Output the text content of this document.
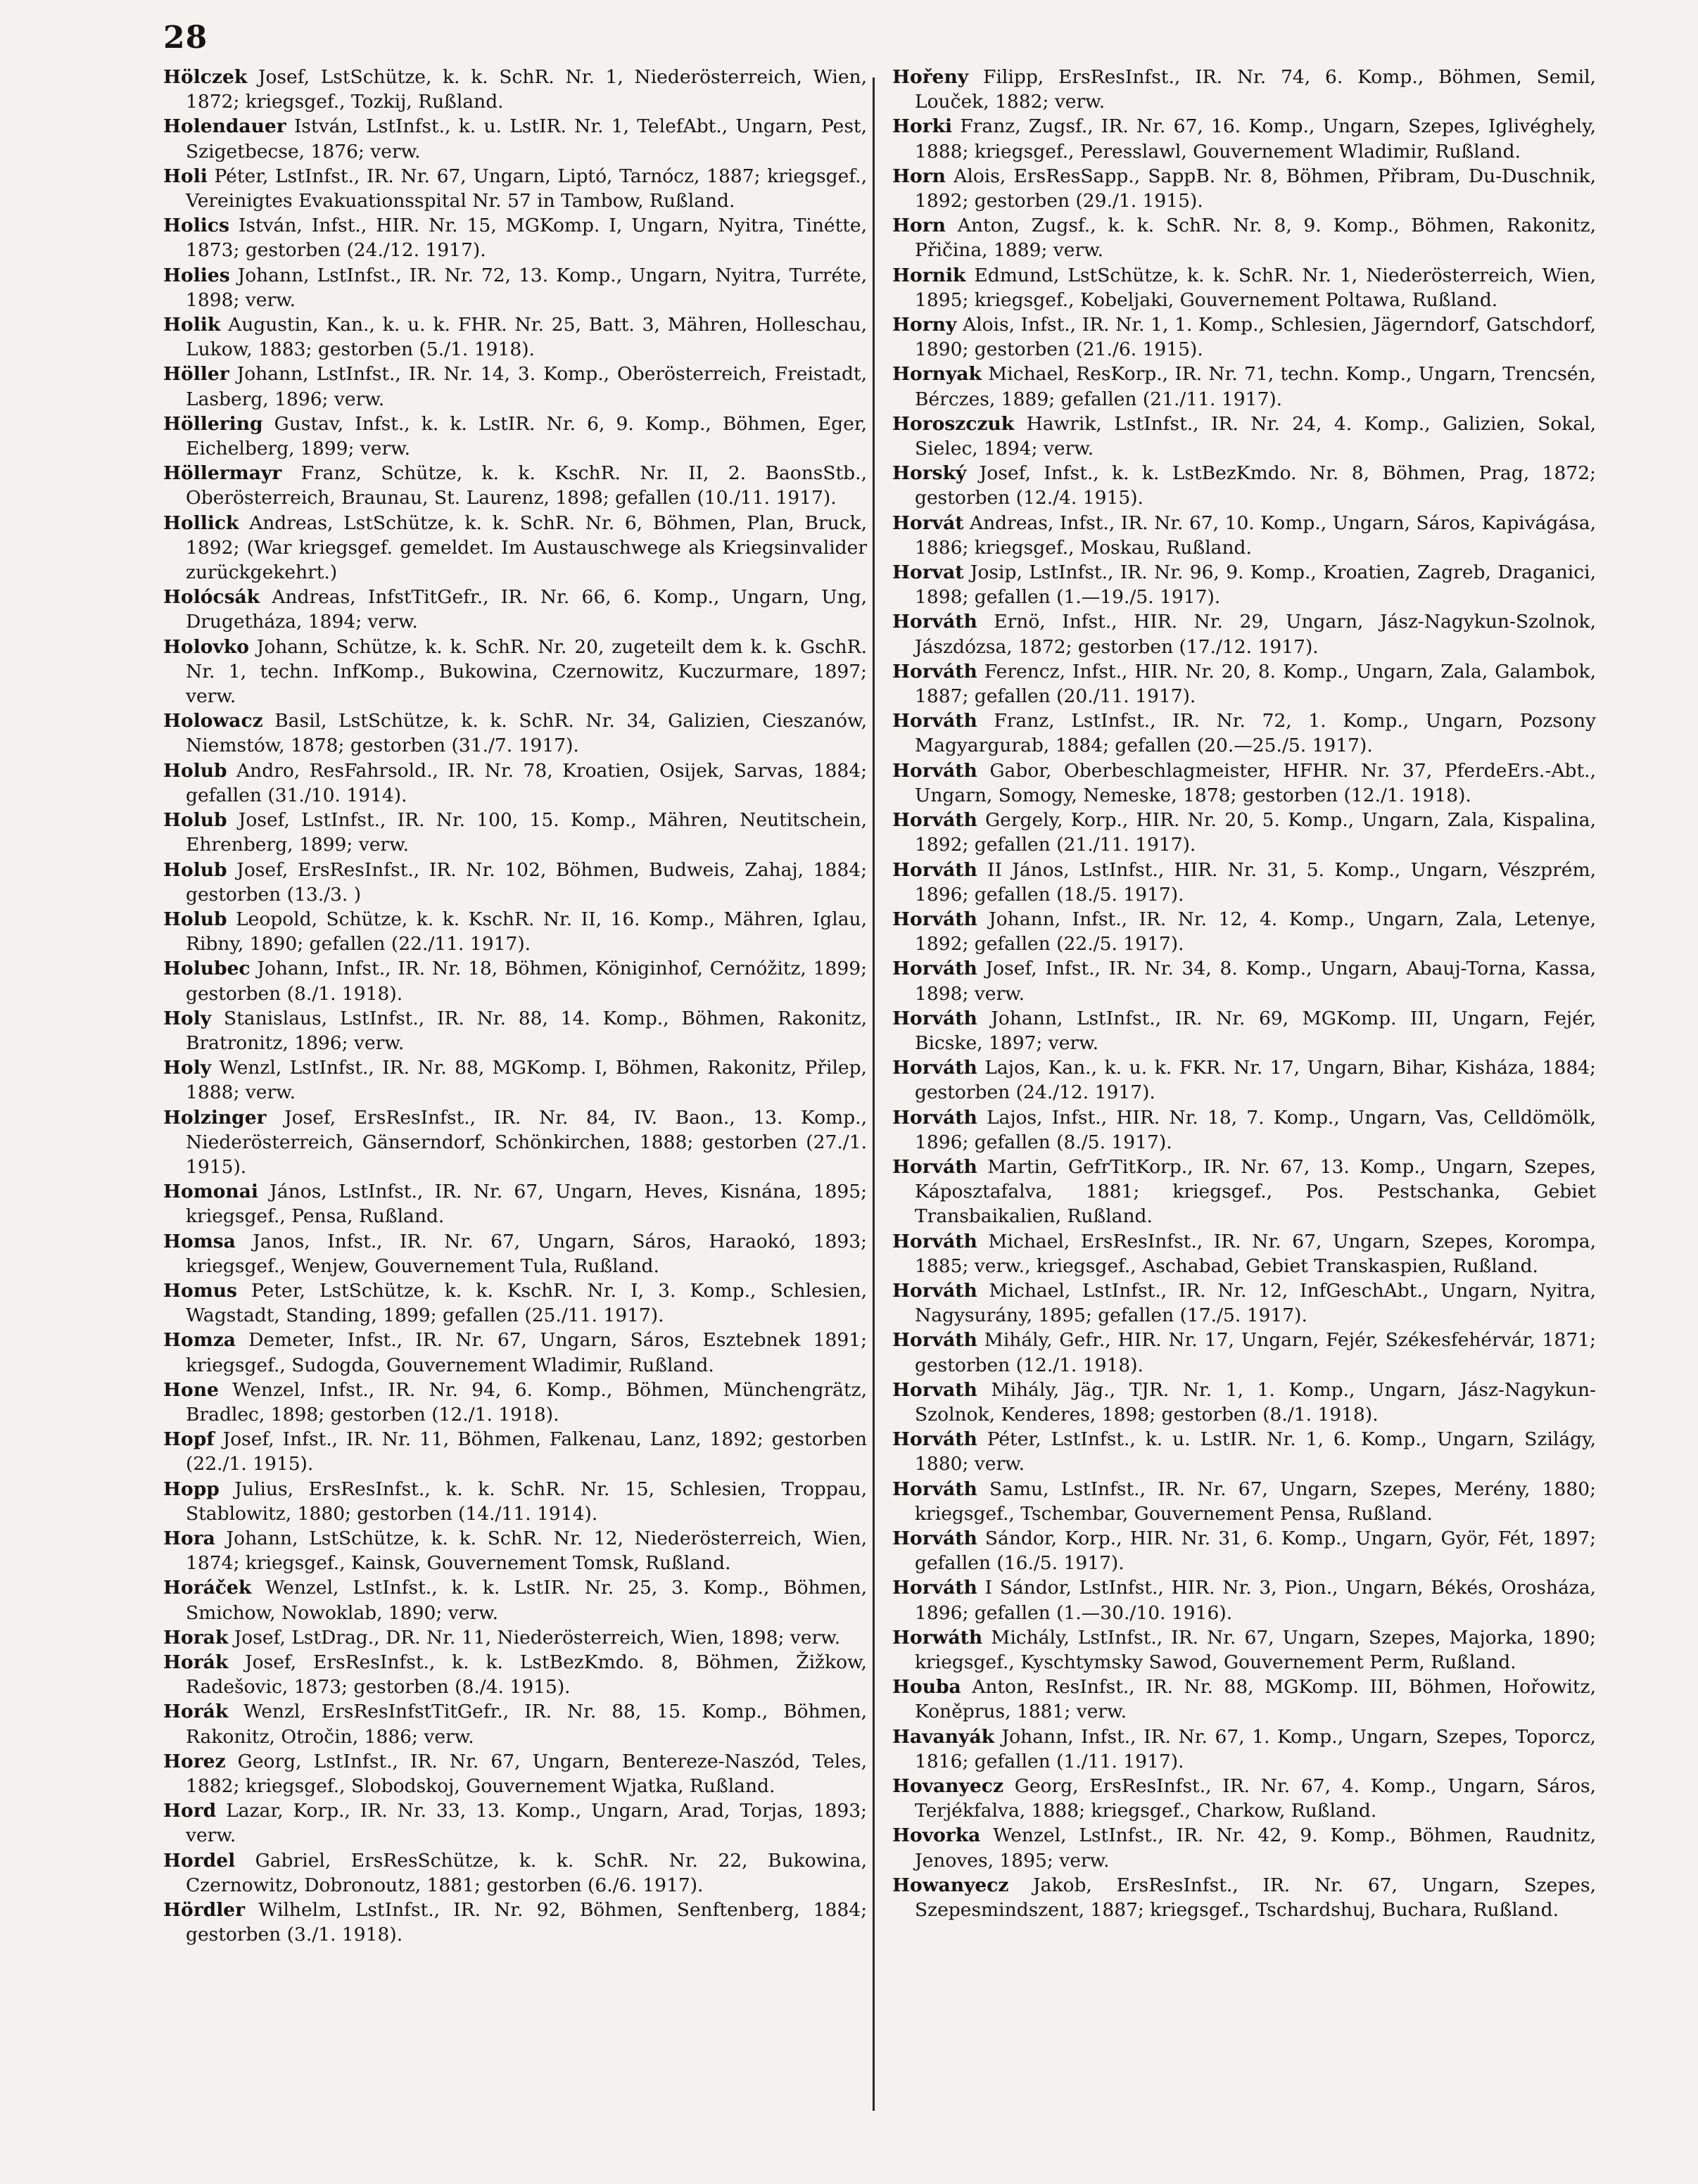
28

Hölczek Josef, LstSchütze, k. k. SchR. Nr. 1, Niederösterreich, Wien, 1872; kriegsgef., Tozkij, Rußland.

Holendauer István, LstInfst., k. u. LstIR. Nr. 1, TelefAbt., Ungarn, Pest, Szigetbecse, 1876; verw.

Holi Péter, LstInfst., IR. Nr. 67, Ungarn, Liptó, Tarnócz, 1887; kriegsgef., Vereinigtes Evakuationsspital Nr. 57 in Tambow, Rußland.

Holics István, Infst., HIR. Nr. 15, MGKomp. I, Ungarn, Nyitra, Tinétte, 1873; gestorben (24./12. 1917).

Holies Johann, LstInfst., IR. Nr. 72, 13. Komp., Ungarn, Nyitra, Turréte, 1898; verw.

Holik Augustin, Kan., k. u. k. FHR. Nr. 25, Batt. 3, Mähren, Holleschau, Lukow, 1883; gestorben (5./1. 1918).

Höller Johann, LstInfst., IR. Nr. 14, 3. Komp., Oberösterreich, Freistadt, Lasberg, 1896; verw.

Höllering Gustav, Infst., k. k. LstIR. Nr. 6, 9. Komp., Böhmen, Eger, Eichelberg, 1899; verw.

Höllermayr Franz, Schütze, k. k. KschR. Nr. II, 2. BaonsStb., Oberösterreich, Braunau, St. Laurenz, 1898; gefallen (10./11. 1917).

Hollick Andreas, LstSchütze, k. k. SchR. Nr. 6, Böhmen, Plan, Bruck, 1892; (War kriegsgef. gemeldet. Im Austauschwege als Kriegsinvalider zurückgekehrt.)

Holócsák Andreas, InfstTitGefr., IR. Nr. 66, 6. Komp., Ungarn, Ung, Drugetháza, 1894; verw.

Holovko Johann, Schütze, k. k. SchR. Nr. 20, zugeteilt dem k. k. GschR. Nr. 1, techn. InfKomp., Bukowina, Czernowitz, Kuczurmare, 1897; verw.

Holowacz Basil, LstSchütze, k. k. SchR. Nr. 34, Galizien, Cieszanów, Niemstów, 1878; gestorben (31./7. 1917).

Holub Andro, ResFahrsold., IR. Nr. 78, Kroatien, Osijek, Sarvas, 1884; gefallen (31./10. 1914).

Holub Josef, LstInfst., IR. Nr. 100, 15. Komp., Mähren, Neutitschein, Ehrenberg, 1899; verw.

Holub Josef, ErsResInfst., IR. Nr. 102, Böhmen, Budweis, Zahaj, 1884; gestorben (13./3. )

Holub Leopold, Schütze, k. k. KschR. Nr. II, 16. Komp., Mähren, Iglau, Ribny, 1890; gefallen (22./11. 1917).

Holubec Johann, Infst., IR. Nr. 18, Böhmen, Königinhof, Cernóžitz, 1899; gestorben (8./1. 1918).

Holy Stanislaus, LstInfst., IR. Nr. 88, 14. Komp., Böhmen, Rakonitz, Bratronitz, 1896; verw.

Holy Wenzl, LstInfst., IR. Nr. 88, MGKomp. I, Böhmen, Rakonitz, Přilep, 1888; verw.

Holzinger Josef, ErsResInfst., IR. Nr. 84, IV. Baon., 13. Komp., Niederösterreich, Gänserndorf, Schönkirchen, 1888; gestorben (27./1. 1915).

Homonai János, LstInfst., IR. Nr. 67, Ungarn, Heves, Kisnána, 1895; kriegsgef., Pensa, Rußland.

Homsa Janos, Infst., IR. Nr. 67, Ungarn, Sáros, Haraokó, 1893; kriegsgef., Wenjew, Gouvernement Tula, Rußland.

Homus Peter, LstSchütze, k. k. KschR. Nr. I, 3. Komp., Schlesien, Wagstadt, Standing, 1899; gefallen (25./11. 1917).

Homza Demeter, Infst., IR. Nr. 67, Ungarn, Sáros, Esztebnek 1891; kriegsgef., Sudogda, Gouvernement Wladimir, Rußland.

Hone Wenzel, Infst., IR. Nr. 94, 6. Komp., Böhmen, Münchengrätz, Bradlec, 1898; gestorben (12./1. 1918).

Hopf Josef, Infst., IR. Nr. 11, Böhmen, Falkenau, Lanz, 1892; gestorben (22./1. 1915).

Hopp Julius, ErsResInfst., k. k. SchR. Nr. 15, Schlesien, Troppau, Stablowitz, 1880; gestorben (14./11. 1914).

Hora Johann, LstSchütze, k. k. SchR. Nr. 12, Niederösterreich, Wien, 1874; kriegsgef., Kainsk, Gouvernement Tomsk, Rußland.

Horáček Wenzel, LstInfst., k. k. LstIR. Nr. 25, 3. Komp., Böhmen, Smichow, Nowoklab, 1890; verw.

Horak Josef, LstDrag., DR. Nr. 11, Niederösterreich, Wien, 1898; verw.

Horák Josef, ErsResInfst., k. k. LstBezKmdo. 8, Böhmen, Žižkow, Radešovic, 1873; gestorben (8./4. 1915).

Horák Wenzl, ErsResInfstTitGefr., IR. Nr. 88, 15. Komp., Böhmen, Rakonitz, Otročin, 1886; verw.

Horez Georg, LstInfst., IR. Nr. 67, Ungarn, Bentereze-Naszód, Teles, 1882; kriegsgef., Slobodskoj, Gouvernement Wjatka, Rußland.

Hord Lazar, Korp., IR. Nr. 33, 13. Komp., Ungarn, Arad, Torjas, 1893; verw.

Hordel Gabriel, ErsResSchütze, k. k. SchR. Nr. 22, Bukowina, Czernowitz, Dobronoutz, 1881; gestorben (6./6. 1917).

Hördler Wilhelm, LstInfst., IR. Nr. 92, Böhmen, Senftenberg, 1884; gestorben (3./1. 1918).

Hořeny Filipp, ErsResInfst., IR. Nr. 74, 6. Komp., Böhmen, Semil, Louček, 1882; verw.

Horki Franz, Zugsf., IR. Nr. 67, 16. Komp., Ungarn, Szepes, Iglivéghely, 1888; kriegsgef., Peresslawl, Gouvernement Wladimir, Rußland.

Horn Alois, ErsResSapp., SappB. Nr. 8, Böhmen, Přibram, Du-Duschnik, 1892; gestorben (29./1. 1915).

Horn Anton, Zugsf., k. k. SchR. Nr. 8, 9. Komp., Böhmen, Rakonitz, Přičina, 1889; verw.

Hornik Edmund, LstSchütze, k. k. SchR. Nr. 1, Niederösterreich, Wien, 1895; kriegsgef., Kobeljaki, Gouvernement Poltawa, Rußland.

Horny Alois, Infst., IR. Nr. 1, 1. Komp., Schlesien, Jägerndorf, Gatschdorf, 1890; gestorben (21./6. 1915).

Hornyak Michael, ResKorp., IR. Nr. 71, techn. Komp., Ungarn, Trencsén, Bérczes, 1889; gefallen (21./11. 1917).

Horoszczuk Hawrik, LstInfst., IR. Nr. 24, 4. Komp., Galizien, Sokal, Sielec, 1894; verw.

Horský Josef, Infst., k. k. LstBezKmdo. Nr. 8, Böhmen, Prag, 1872; gestorben (12./4. 1915).

Horvát Andreas, Infst., IR. Nr. 67, 10. Komp., Ungarn, Sáros, Kapivágása, 1886; kriegsgef., Moskau, Rußland.

Horvat Josip, LstInfst., IR. Nr. 96, 9. Komp., Kroatien, Zagreb, Draganici, 1898; gefallen (1.—19./5. 1917).

Horváth Ernö, Infst., HIR. Nr. 29, Ungarn, Jász-Nagykun-Szolnok, Jászdózsa, 1872; gestorben (17./12. 1917).

Horváth Ferencz, Infst., HIR. Nr. 20, 8. Komp., Ungarn, Zala, Galambok, 1887; gefallen (20./11. 1917).

Horváth Franz, LstInfst., IR. Nr. 72, 1. Komp., Ungarn, Pozsony Magyargurab, 1884; gefallen (20.—25./5. 1917).

Horváth Gabor, Oberbeschlagmeister, HFHR. Nr. 37, PferdeErs.-Abt., Ungarn, Somogy, Nemeske, 1878; gestorben (12./1. 1918).

Horváth Gergely, Korp., HIR. Nr. 20, 5. Komp., Ungarn, Zala, Kispalina, 1892; gefallen (21./11. 1917).

Horváth II János, LstInfst., HIR. Nr. 31, 5. Komp., Ungarn, Vészprém, 1896; gefallen (18./5. 1917).

Horváth Johann, Infst., IR. Nr. 12, 4. Komp., Ungarn, Zala, Letenye, 1892; gefallen (22./5. 1917).

Horváth Josef, Infst., IR. Nr. 34, 8. Komp., Ungarn, Abauj-Torna, Kassa, 1898; verw.

Horváth Johann, LstInfst., IR. Nr. 69, MGKomp. III, Ungarn, Fejér, Bicske, 1897; verw.

Horváth Lajos, Kan., k. u. k. FKR. Nr. 17, Ungarn, Bihar, Kisháza, 1884; gestorben (24./12. 1917).

Horváth Lajos, Infst., HIR. Nr. 18, 7. Komp., Ungarn, Vas, Celldömölk, 1896; gefallen (8./5. 1917).

Horváth Martin, GefrTitKorp., IR. Nr. 67, 13. Komp., Ungarn, Szepes, Káposztafalva, 1881; kriegsgef., Pos. Pestschanka, Gebiet Transbaikalien, Rußland.

Horváth Michael, ErsResInfst., IR. Nr. 67, Ungarn, Szepes, Korompa, 1885; verw., kriegsgef., Aschabad, Gebiet Transkaspien, Rußland.

Horváth Michael, LstInfst., IR. Nr. 12, InfGeschAbt., Ungarn, Nyitra, Nagysurány, 1895; gefallen (17./5. 1917).

Horváth Mihály, Gefr., HIR. Nr. 17, Ungarn, Fejér, Székesfehérvár, 1871; gestorben (12./1. 1918).

Horvath Mihály, Jäg., TJR. Nr. 1, 1. Komp., Ungarn, Jász-Nagykun-Szolnok, Kenderes, 1898; gestorben (8./1. 1918).

Horváth Péter, LstInfst., k. u. LstIR. Nr. 1, 6. Komp., Ungarn, Szilágy, 1880; verw.

Horváth Samu, LstInfst., IR. Nr. 67, Ungarn, Szepes, Merény, 1880; kriegsgef., Tschembar, Gouvernement Pensa, Rußland.

Horváth Sándor, Korp., HIR. Nr. 31, 6. Komp., Ungarn, Györ, Fét, 1897; gefallen (16./5. 1917).

Horváth I Sándor, LstInfst., HIR. Nr. 3, Pion., Ungarn, Békés, Orosháza, 1896; gefallen (1.—30./10. 1916).

Horwáth Michály, LstInfst., IR. Nr. 67, Ungarn, Szepes, Majorka, 1890; kriegsgef., Kyschtymsky Sawod, Gouvernement Perm, Rußland.

Houba Anton, ResInfst., IR. Nr. 88, MGKomp. III, Böhmen, Hořowitz, Koněprus, 1881; verw.

Havanyák Johann, Infst., IR. Nr. 67, 1. Komp., Ungarn, Szepes, Toporcz, 1816; gefallen (1./11. 1917).

Hovanyecz Georg, ErsResInfst., IR. Nr. 67, 4. Komp., Ungarn, Sáros, Terjékfalva, 1888; kriegsgef., Charkow, Rußland.

Hovorka Wenzel, LstInfst., IR. Nr. 42, 9. Komp., Böhmen, Raudnitz, Jenoves, 1895; verw.

Howanyecz Jakob, ErsResInfst., IR. Nr. 67, Ungarn, Szepes, Szepesmindszent, 1887; kriegsgef., Tschardshuj, Buchara, Rußland.
